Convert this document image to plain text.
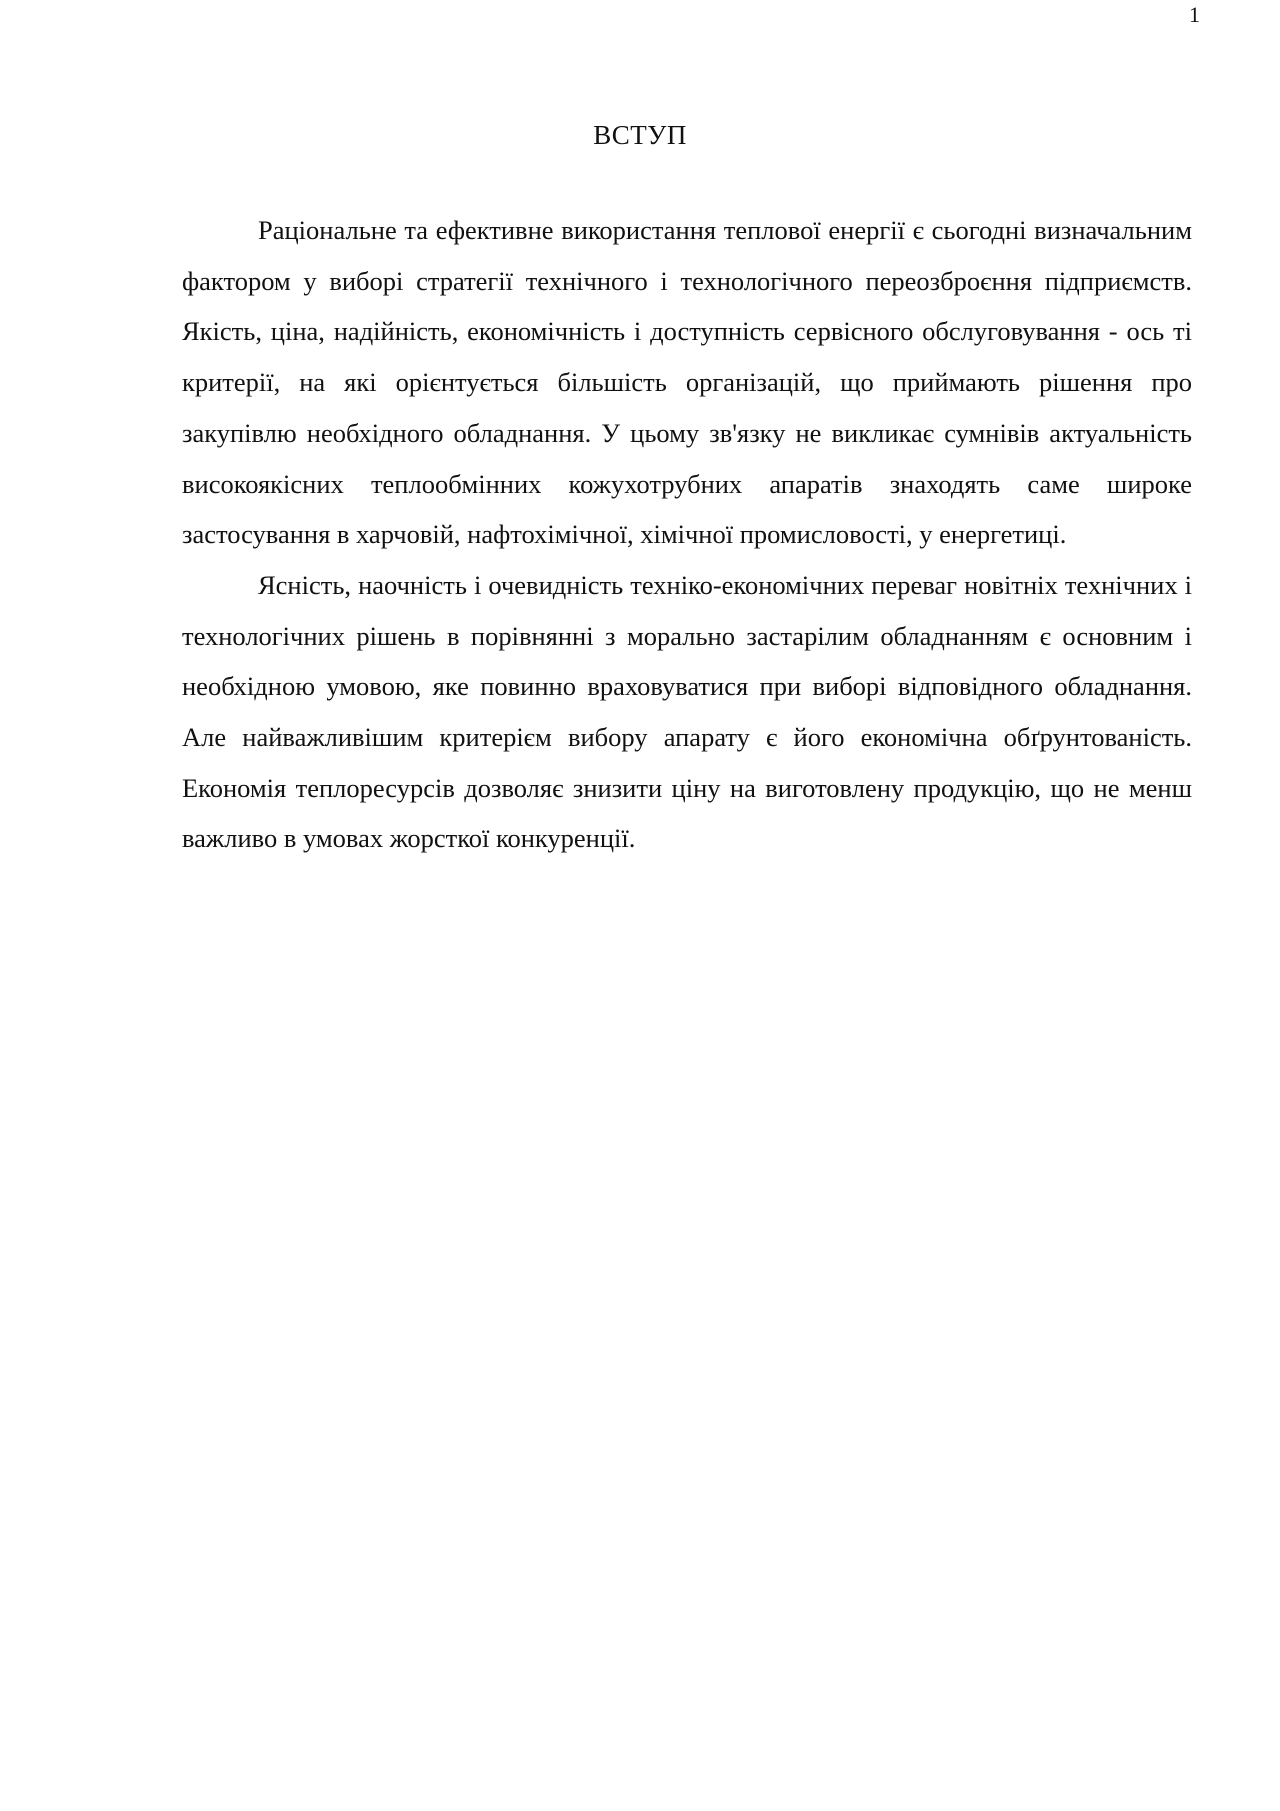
1
ВСТУП

Раціональне та ефективне використання теплової енергії є сьогодні визначальним фактором у виборі стратегії технічного і технологічного переозброєння підприємств. Якість, ціна, надійність, економічність і доступність сервісного обслуговування - ось ті критерії, на які орієнтується більшість організацій, що приймають рішення про закупівлю необхідного обладнання. У цьому зв'язку не викликає сумнівів актуальність високоякісних теплообмінних кожухотрубних апаратів знаходять саме широке застосування в харчовій, нафтохімічної, хімічної промисловості, у енергетиці.

Ясність, наочність і очевидність техніко-економічних переваг новітніх технічних і технологічних рішень в порівнянні з морально застарілим обладнанням є основним і необхідною умовою, яке повинно враховуватися при виборі відповідного обладнання. Але найважливішим критерієм вибору апарату є його економічна обґрунтованість. Економія теплоресурсів дозволяє знизити ціну на виготовлену продукцію, що не менш важливо в умовах жорсткої конкуренції.
